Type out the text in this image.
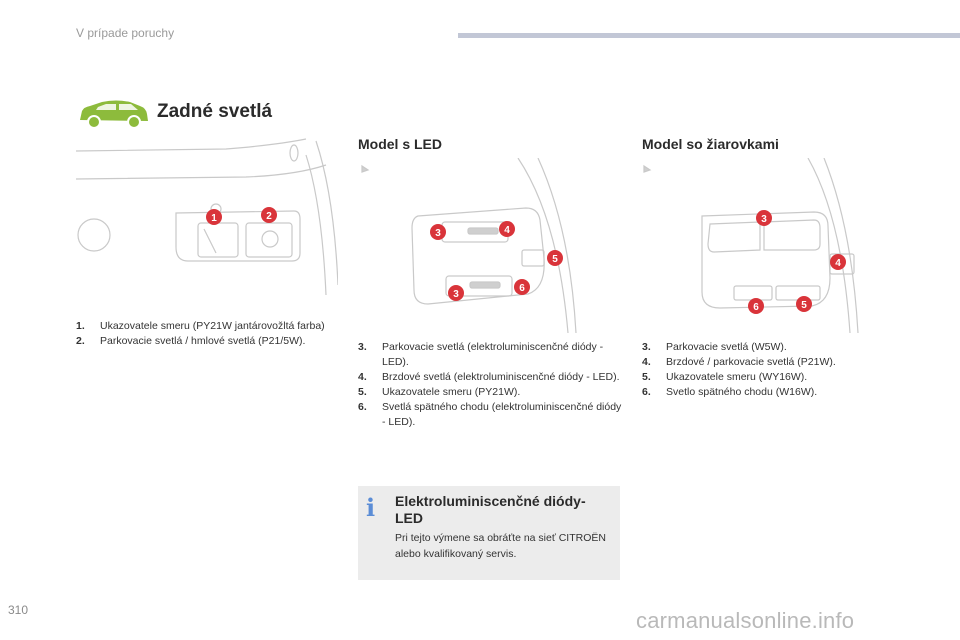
V prípade poruchy
Zadné svetlá
Model s LED	Model so žiarovkami
1	2
3	4
5
3
6
3
4
6	5
1. Ukazovatele smeru (PY21W jantárovožltá farba)
2. Parkovacie svetlá / hmlové svetlá (P21/5W).	3. Parkovacie svetlá (elektroluminiscenčné diódy - LED).
4. Brzdové svetlá (elektroluminiscenčné diódy - LED).
5. Ukazovatele smeru (PY21W).
6. Svetlá spätného chodu (elektroluminiscenčné diódy - LED).
3. Parkovacie svetlá (W5W).
4. Brzdové / parkovacie svetlá (P21W).
5. Ukazovatele smeru (WY16W).
6. Svetlo spätného chodu (W16W).
i Elektroluminiscenčné diódy-LED
Pri tejto výmene sa obráťte na sieť CITROËN alebo kvalifikovaný servis.
310	carmanualsonline.info
